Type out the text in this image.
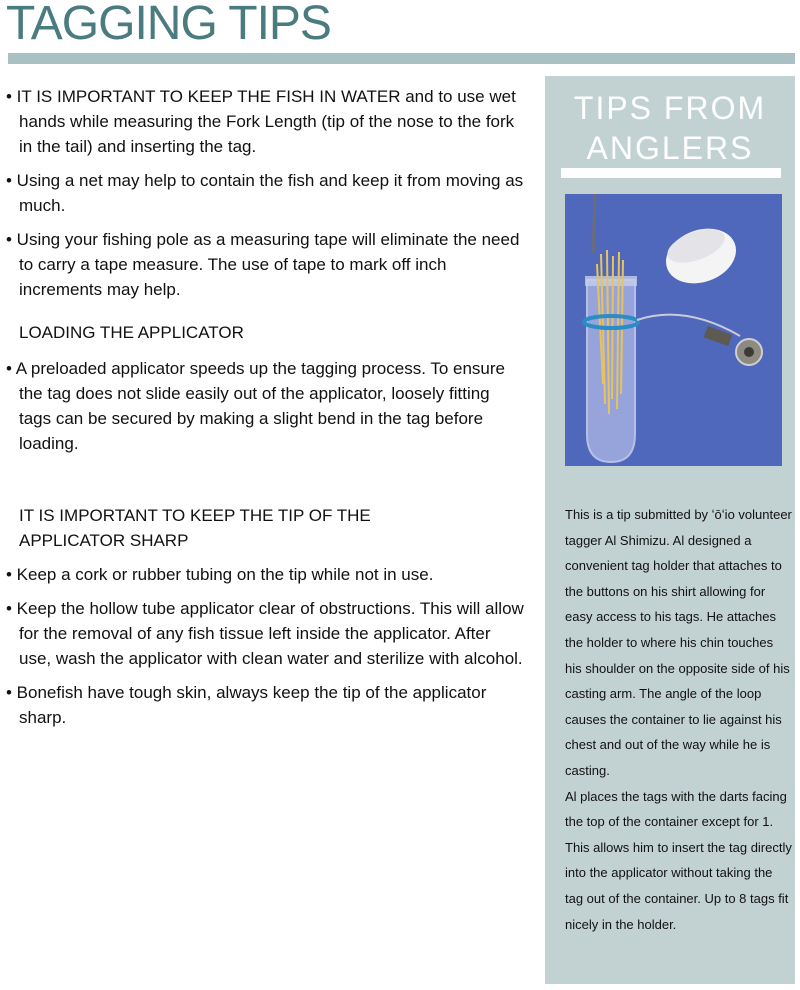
TAGGING TIPS

• IT IS IMPORTANT TO KEEP THE FISH IN WATER and to use wet hands while measuring the Fork Length (tip of the nose to the fork in the tail) and inserting the tag.

• Using a net may help to contain the fish and keep it from moving as much.

• Using your fishing pole as a measuring tape will eliminate the need to carry a tape measure. The use of tape to mark off inch increments may help.

LOADING THE APPLICATOR

• A preloaded applicator speeds up the tagging process. To ensure the tag does not slide easily out of the applicator, loosely fitting tags can be secured by making a slight bend in the tag before loading.

IT IS IMPORTANT TO KEEP THE TIP OF THE
APPLICATOR SHARP

• Keep a cork or rubber tubing on the tip while not in use.

• Keep the hollow tube applicator clear of obstructions. This will allow for the removal of any fish tissue left inside the applicator. After use, wash the applicator with clean water and sterilize with alcohol.

• Bonefish have tough skin, always keep the tip of the applicator sharp.

TIPS FROM
ANGLERS

This is a tip submitted by ʻōʻio volunteer tagger Al Shimizu. Al designed a convenient tag holder that attaches to the buttons on his shirt allowing for easy access to his tags. He attaches the holder to where his chin touches his shoulder on the opposite side of his casting arm. The angle of the loop causes the container to lie against his chest and out of the way while he is casting.

Al places the tags with the darts facing the top of the container except for 1. This allows him to insert the tag directly into the applicator without taking the tag out of the container. Up to 8 tags fit nicely in the holder.
